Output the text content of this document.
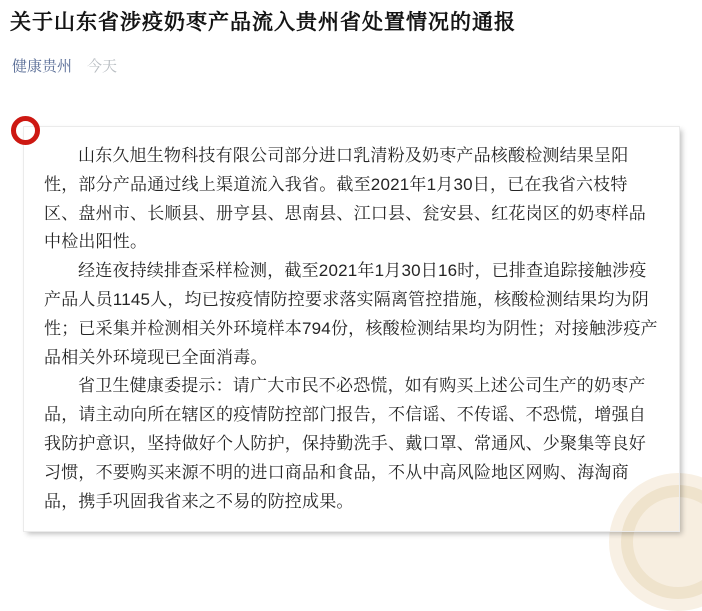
关于山东省涉疫奶枣产品流入贵州省处置情况的通报
健康贵州 今天

山东久旭生物科技有限公司部分进口乳清粉及奶枣产品核酸检测结果呈阳性，部分产品通过线上渠道流入我省。截至2021年1月30日，已在我省六枝特区、盘州市、长顺县、册亨县、思南县、江口县、瓮安县、红花岗区的奶枣样品中检出阳性。

经连夜持续排查采样检测，截至2021年1月30日16时，已排查追踪接触涉疫产品人员1145人，均已按疫情防控要求落实隔离管控措施，核酸检测结果均为阴性；已采集并检测相关外环境样本794份，核酸检测结果均为阴性；对接触涉疫产品相关外环境现已全面消毒。

省卫生健康委提示：请广大市民不必恐慌，如有购买上述公司生产的奶枣产品，请主动向所在辖区的疫情防控部门报告，不信谣、不传谣、不恐慌，增强自我防护意识，坚持做好个人防护，保持勤洗手、戴口罩、常通风、少聚集等良好习惯，不要购买来源不明的进口商品和食品，不从中高风险地区网购、海淘商品，携手巩固我省来之不易的防控成果。
